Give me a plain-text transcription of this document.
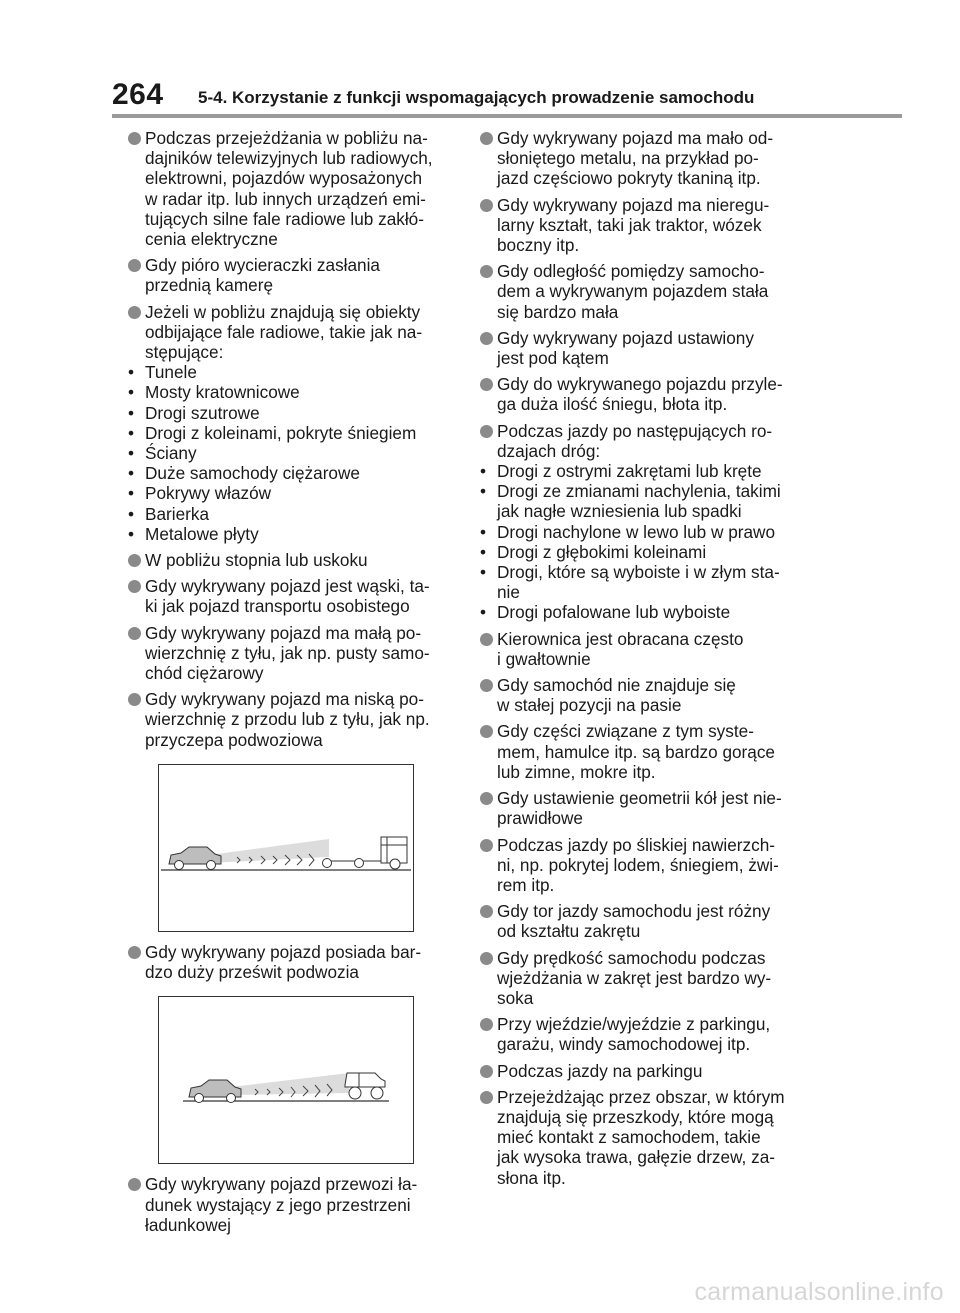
264 5-4. Korzystanie z funkcji wspomagających prowadzenie samochodu
Podczas przejeżdżania w pobliżu na-
dajników telewizyjnych lub radiowych,
elektrowni, pojazdów wyposażonych
w radar itp. lub innych urządzeń emi-
tujących silne fale radiowe lub zakłó-
cenia elektryczne
Gdy pióro wycieraczki zasłania
przednią kamerę
Jeżeli w pobliżu znajdują się obiekty
odbijające fale radiowe, takie jak na-
stępujące:
• Tunele
• Mosty kratownicowe
• Drogi szutrowe
• Drogi z koleinami, pokryte śniegiem
• Ściany
• Duże samochody ciężarowe
• Pokrywy włazów
• Barierka
• Metalowe płyty
W pobliżu stopnia lub uskoku
Gdy wykrywany pojazd jest wąski, ta-
ki jak pojazd transportu osobistego
Gdy wykrywany pojazd ma małą po-
wierzchnię z tyłu, jak np. pusty samo-
chód ciężarowy
Gdy wykrywany pojazd ma niską po-
wierzchnię z przodu lub z tyłu, jak np.
przyczepa podwoziowa
Gdy wykrywany pojazd posiada bar-
dzo duży prześwit podwozia
Gdy wykrywany pojazd przewozi ła-
dunek wystający z jego przestrzeni
ładunkowej
Gdy wykrywany pojazd ma mało od-
słoniętego metalu, na przykład po-
jazd częściowo pokryty tkaniną itp.
Gdy wykrywany pojazd ma nieregu-
larny kształt, taki jak traktor, wózek
boczny itp.
Gdy odległość pomiędzy samocho-
dem a wykrywanym pojazdem stała
się bardzo mała
Gdy wykrywany pojazd ustawiony
jest pod kątem
Gdy do wykrywanego pojazdu przyle-
ga duża ilość śniegu, błota itp.
Podczas jazdy po następujących ro-
dzajach dróg:
• Drogi z ostrymi zakrętami lub kręte
• Drogi ze zmianami nachylenia, takimi
jak nagłe wzniesienia lub spadki
• Drogi nachylone w lewo lub w prawo
• Drogi z głębokimi koleinami
• Drogi, które są wyboiste i w złym sta-
nie
• Drogi pofalowane lub wyboiste
Kierownica jest obracana często
i gwałtownie
Gdy samochód nie znajduje się
w stałej pozycji na pasie
Gdy części związane z tym syste-
mem, hamulce itp. są bardzo gorące
lub zimne, mokre itp.
Gdy ustawienie geometrii kół jest nie-
prawidłowe
Podczas jazdy po śliskiej nawierzch-
ni, np. pokrytej lodem, śniegiem, żwi-
rem itp.
Gdy tor jazdy samochodu jest różny
od kształtu zakrętu
Gdy prędkość samochodu podczas
wjeżdżania w zakręt jest bardzo wy-
soka
Przy wjeździe/wyjeździe z parkingu,
garażu, windy samochodowej itp.
Podczas jazdy na parkingu
Przejeżdżając przez obszar, w którym
znajdują się przeszkody, które mogą
mieć kontakt z samochodem, takie
jak wysoka trawa, gałęzie drzew, za-
słona itp.
carmanualsonline.info
